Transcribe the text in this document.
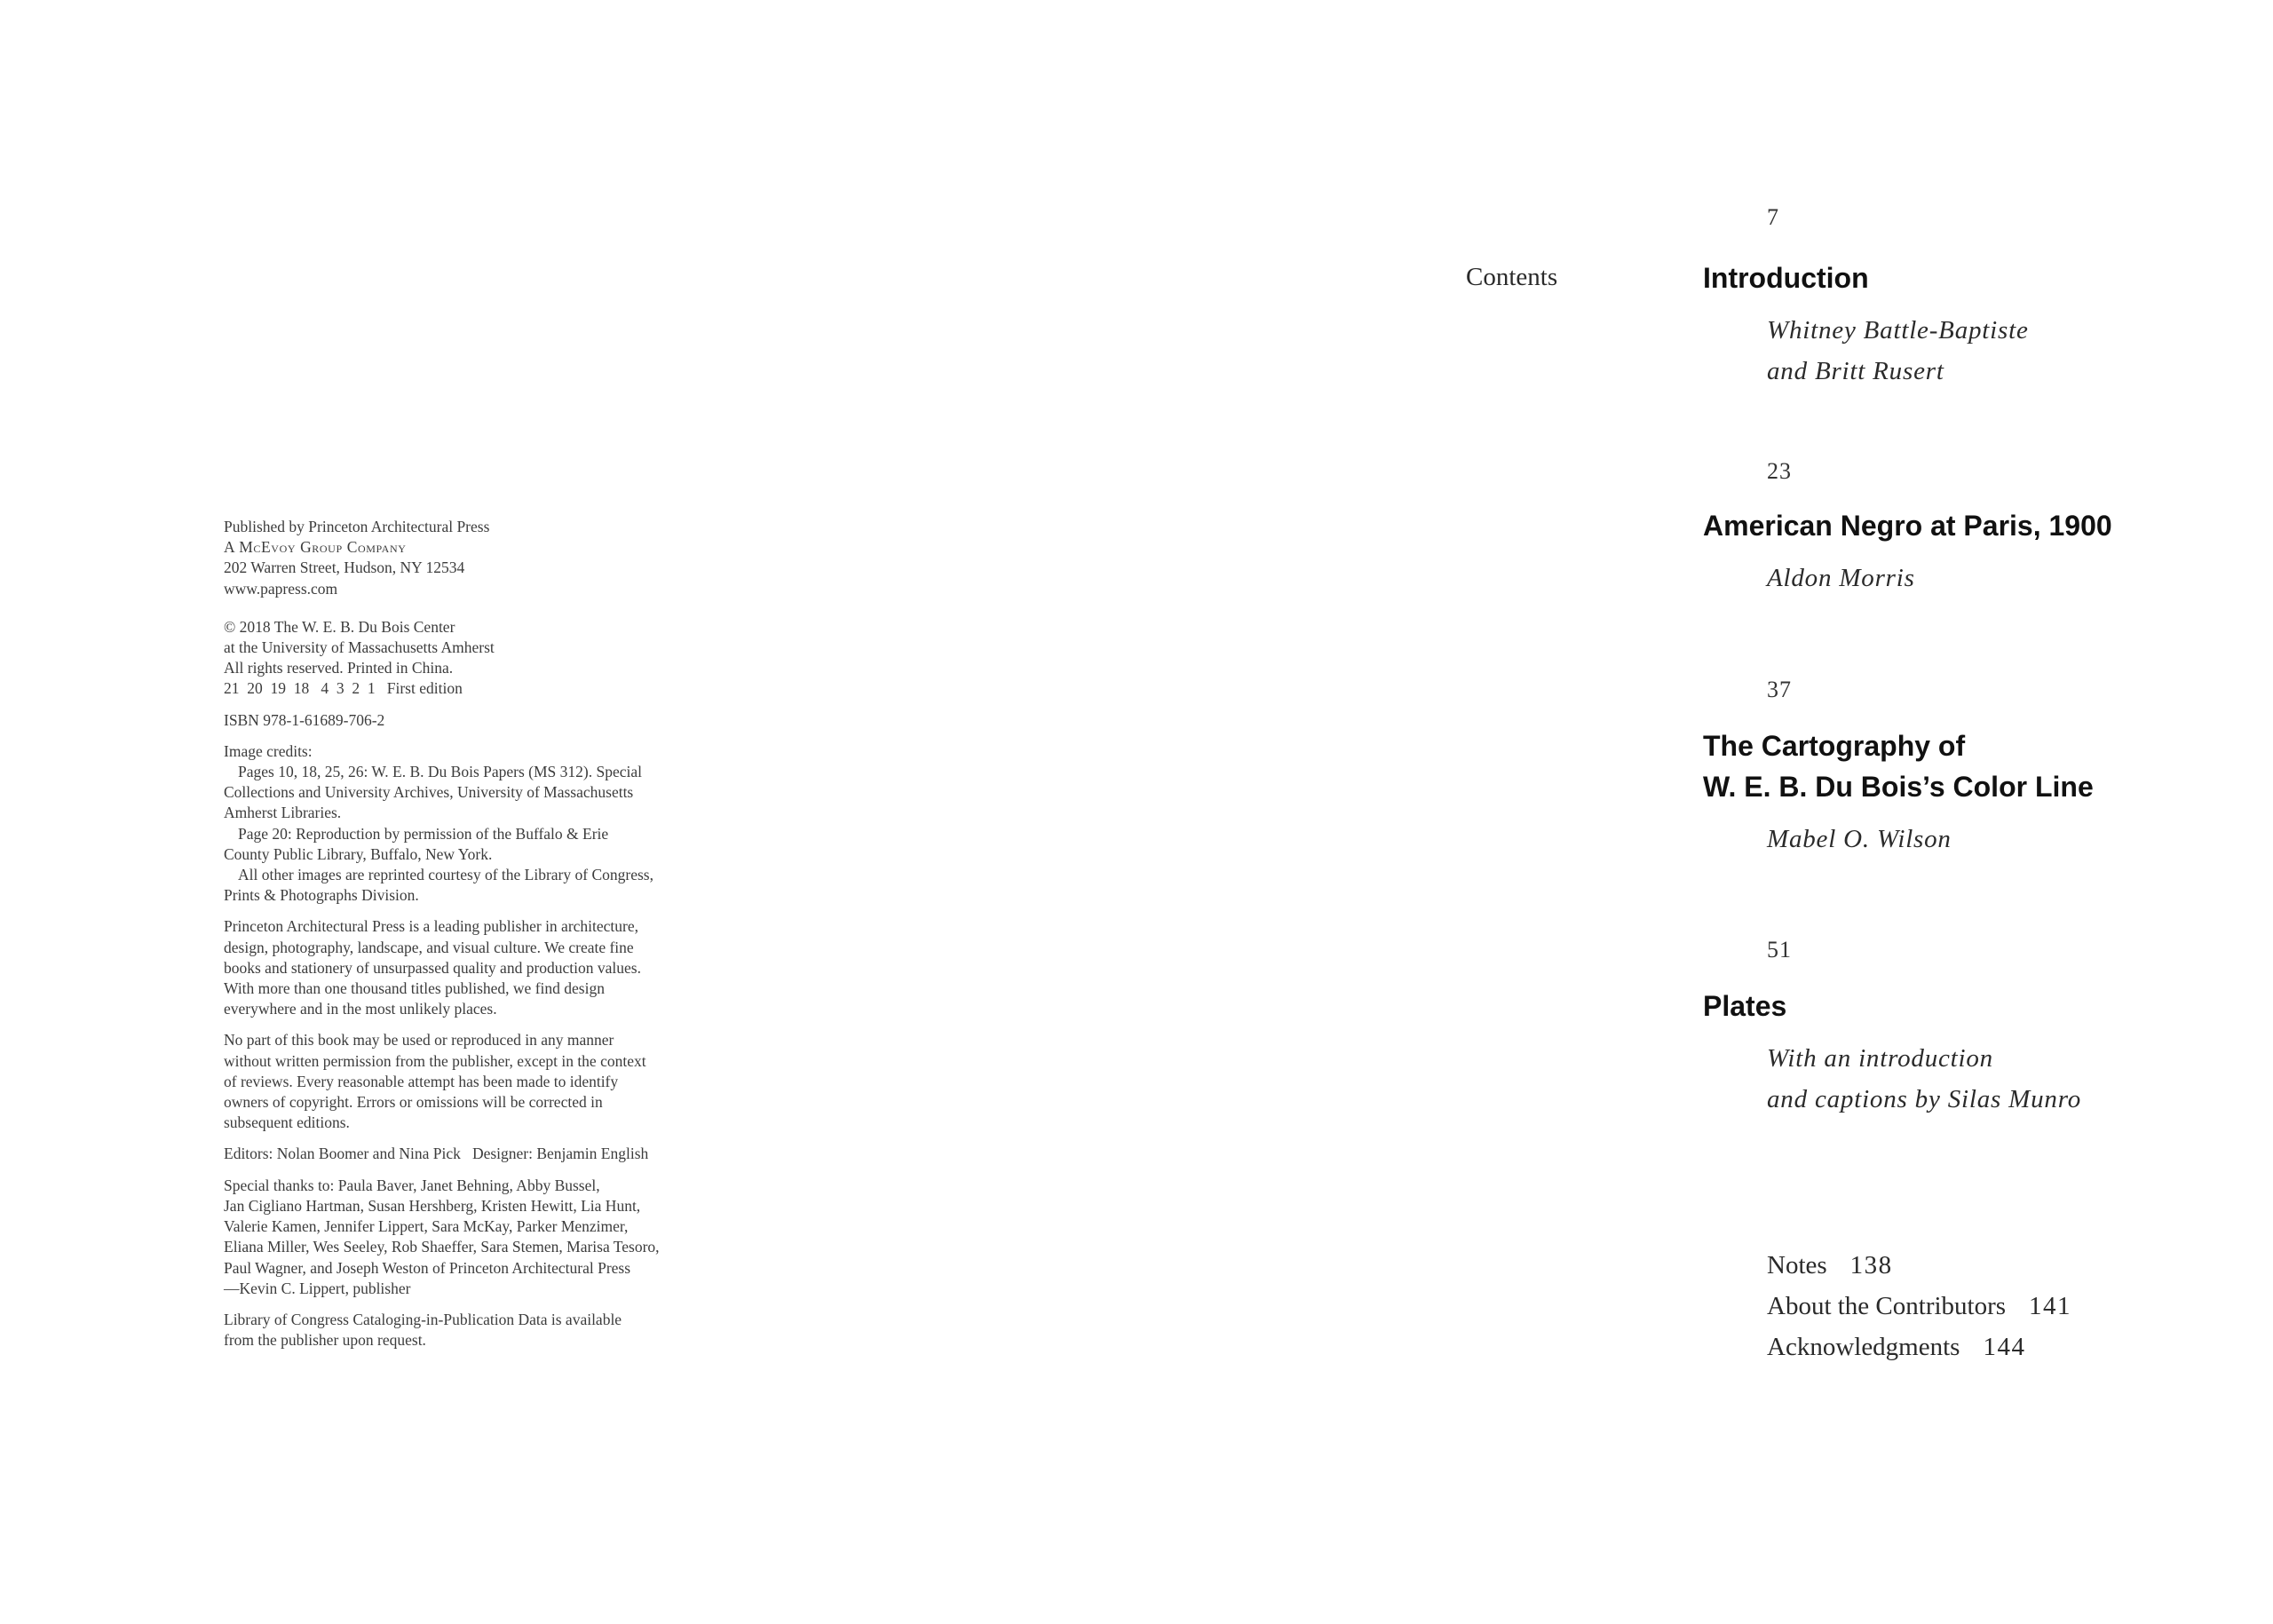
Published by Princeton Architectural Press
A McEvoy Group Company
202 Warren Street, Hudson, NY 12534
www.papress.com
© 2018 The W. E. B. Du Bois Center
at the University of Massachusetts Amherst
All rights reserved. Printed in China.
21  20  19  18   4  3  2  1   First edition
ISBN 978-1-61689-706-2
Image credits:
Pages 10, 18, 25, 26: W. E. B. Du Bois Papers (MS 312). Special
Collections and University Archives, University of Massachusetts
Amherst Libraries.
Page 20: Reproduction by permission of the Buffalo & Erie
County Public Library, Buffalo, New York.
All other images are reprinted courtesy of the Library of Congress,
Prints & Photographs Division.
Princeton Architectural Press is a leading publisher in architecture,
design, photography, landscape, and visual culture. We create fine
books and stationery of unsurpassed quality and production values.
With more than one thousand titles published, we find design
everywhere and in the most unlikely places.
No part of this book may be used or reproduced in any manner
without written permission from the publisher, except in the context
of reviews. Every reasonable attempt has been made to identify
owners of copyright. Errors or omissions will be corrected in
subsequent editions.
Editors: Nolan Boomer and Nina Pick   Designer: Benjamin English
Special thanks to: Paula Baver, Janet Behning, Abby Bussel,
Jan Cigliano Hartman, Susan Hershberg, Kristen Hewitt, Lia Hunt,
Valerie Kamen, Jennifer Lippert, Sara McKay, Parker Menzimer,
Eliana Miller, Wes Seeley, Rob Shaeffer, Sara Stemen, Marisa Tesoro,
Paul Wagner, and Joseph Weston of Princeton Architectural Press
—Kevin C. Lippert, publisher
Library of Congress Cataloging-in-Publication Data is available
from the publisher upon request.
Contents
7
Introduction
Whitney Battle-Baptiste
and Britt Rusert
23
American Negro at Paris, 1900
Aldon Morris
37
The Cartography of
W. E. B. Du Bois’s Color Line
Mabel O. Wilson
51
Plates
With an introduction
and captions by Silas Munro
Notes 138
About the Contributors 141
Acknowledgments 144
